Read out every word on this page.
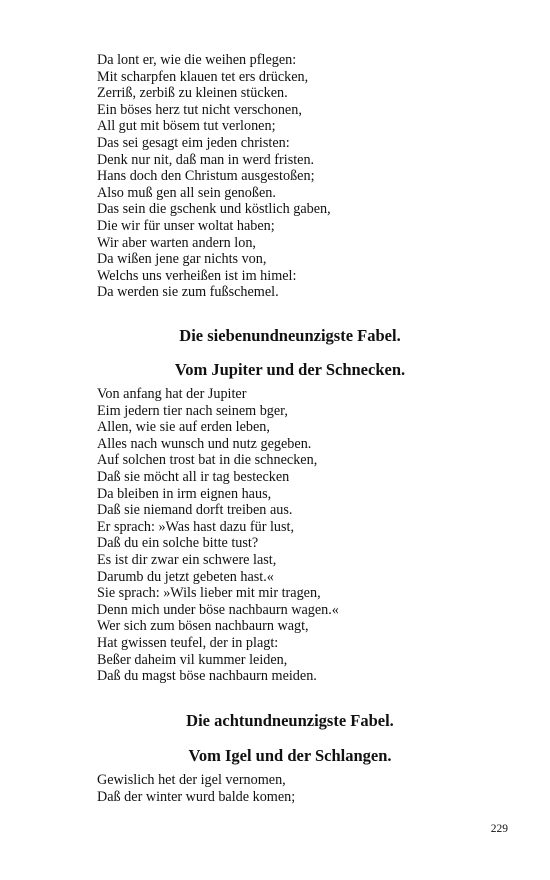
Da lont er, wie die weihen pflegen:
Mit scharpfen klauen tet ers drücken,
Zerriß, zerbiß zu kleinen stücken.
Ein böses herz tut nicht verschonen,
All gut mit bösem tut verlonen;
Das sei gesagt eim jeden christen:
Denk nur nit, daß man in werd fristen.
Hans doch den Christum ausgestoßen;
Also muß gen all sein genoßen.
Das sein die gschenk und köstlich gaben,
Die wir für unser woltat haben;
Wir aber warten andern lon,
Da wißen jene gar nichts von,
Welchs uns verheißen ist im himel:
Da werden sie zum fußschemel.
Die siebenundneunzigste Fabel.
Vom Jupiter und der Schnecken.
Von anfang hat der Jupiter
Eim jedern tier nach seinem bger,
Allen, wie sie auf erden leben,
Alles nach wunsch und nutz gegeben.
Auf solchen trost bat in die schnecken,
Daß sie möcht all ir tag bestecken
Da bleiben in irm eignen haus,
Daß sie niemand dorft treiben aus.
Er sprach: »Was hast dazu für lust,
Daß du ein solche bitte tust?
Es ist dir zwar ein schwere last,
Darumb du jetzt gebeten hast.«
Sie sprach: »Wils lieber mit mir tragen,
Denn mich under böse nachbaurn wagen.«
Wer sich zum bösen nachbaurn wagt,
Hat gwissen teufel, der in plagt:
Beßer daheim vil kummer leiden,
Daß du magst böse nachbaurn meiden.
Die achtundneunzigste Fabel.
Vom Igel und der Schlangen.
Gewislich het der igel vernomen,
Daß der winter wurd balde komen;
229
